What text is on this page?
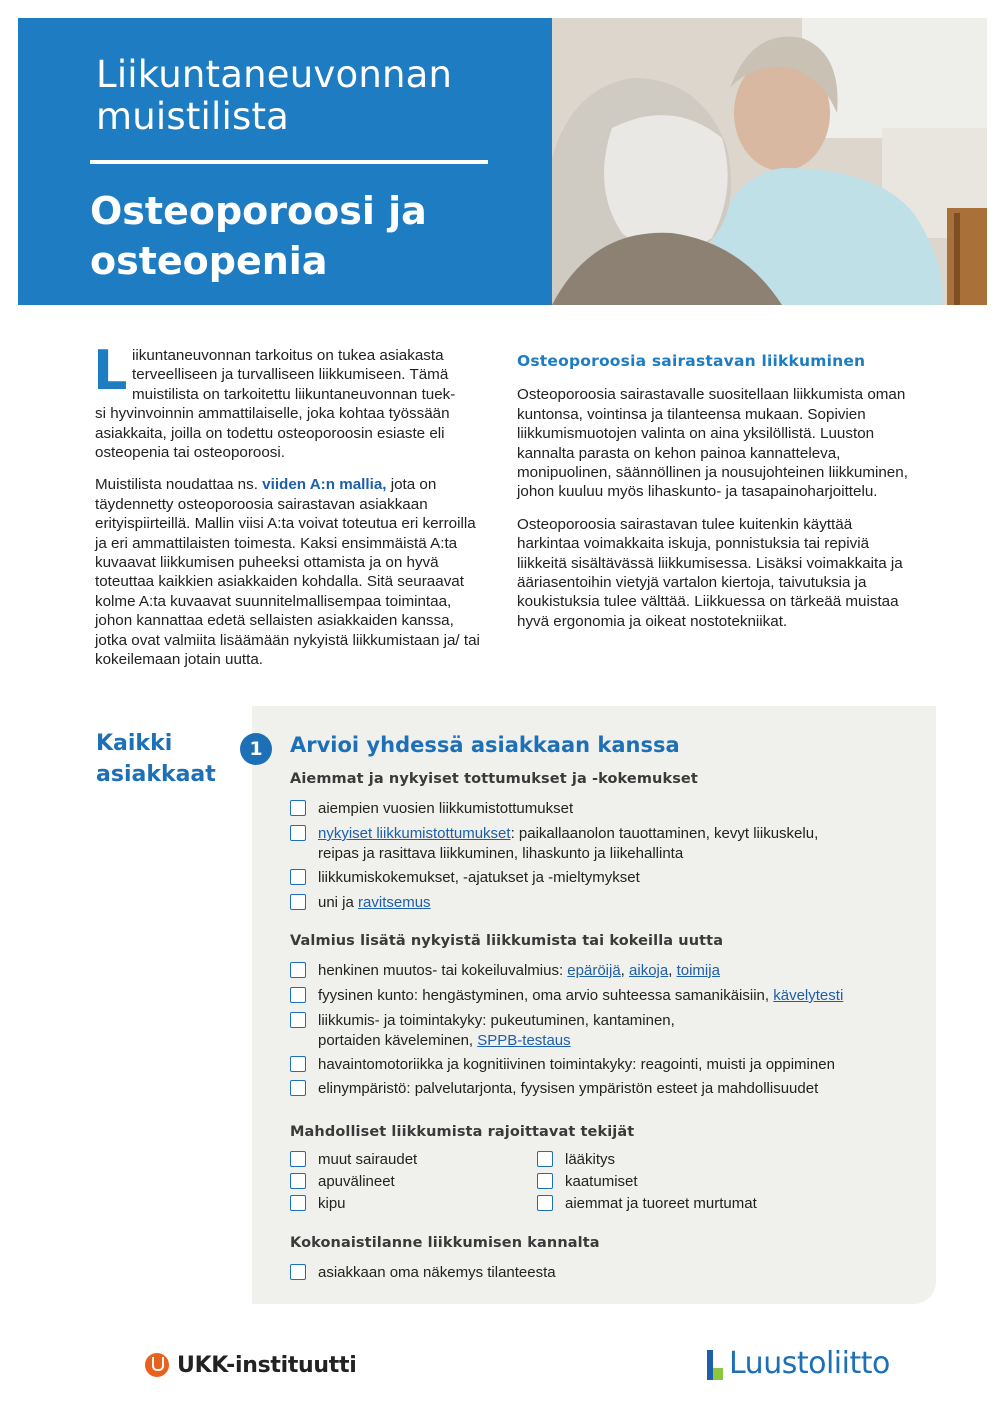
Liikuntaneuvonnan
muistilista
Osteoporoosi ja
osteopenia
L iikuntaneuvonnan tarkoitus on tukea asiakasta
terveelliseen ja turvalliseen liikkumiseen. Tämä
muistilista on tarkoitettu liikuntaneuvonnan tuek-
si hyvinvoinnin ammattilaiselle, joka kohtaa työssään asiakkaita, joilla on todettu osteoporoosin esiaste eli osteopenia tai osteoporoosi.
Muistilista noudattaa ns. viiden A:n mallia, jota on täydennetty osteoporoosia sairastavan asiakkaan erityispiirteillä. Mallin viisi A:ta voivat toteutua eri kerroilla ja eri ammattilaisten toimesta. Kaksi ensimmäistä A:ta kuvaavat liikkumisen puheeksi ottamista ja on hyvä toteuttaa kaikkien asiakkaiden kohdalla. Sitä seuraavat kolme A:ta kuvaavat suunnitelmallisempaa toimintaa, johon kannattaa edetä sellaisten asiakkaiden kanssa, jotka ovat valmiita lisäämään nykyistä liikkumistaan ja/ tai kokeilemaan jotain uutta.
Osteoporoosia sairastavan liikkuminen
Osteoporoosia sairastavalle suositellaan liikkumista oman kuntonsa, vointinsa ja tilanteensa mukaan. Sopivien liikkumismuotojen valinta on aina yksilöllistä. Luuston kannalta parasta on kehon painoa kannatteleva, monipuolinen, säännöllinen ja nousujohteinen liikkuminen, johon kuuluu myös lihaskunto- ja tasapainoharjoittelu.
Osteoporoosia sairastavan tulee kuitenkin käyttää harkintaa voimakkaita iskuja, ponnistuksia tai repiviä liikkeitä sisältävässä liikkumisessa. Lisäksi voimakkaita ja ääriasentoihin vietyjä vartalon kiertoja, taivutuksia ja koukistuksia tulee välttää. Liikkuessa on tärkeää muistaa hyvä ergonomia ja oikeat nostotekniikat.
Kaikki
asiakkaat
1	Arvioi yhdessä asiakkaan kanssa
Aiemmat ja nykyiset tottumukset ja -kokemukset
aiempien vuosien liikkumistottumukset
nykyiset liikkumistottumukset: paikallaanolon tauottaminen, kevyt liikuskelu,
reipas ja rasittava liikkuminen, lihaskunto ja liikehallinta
liikkumiskokemukset, -ajatukset ja -mieltymykset
uni ja ravitsemus
Valmius lisätä nykyistä liikkumista tai kokeilla uutta
henkinen muutos- tai kokeiluvalmius: epäröijä, aikoja, toimija
fyysinen kunto: hengästyminen, oma arvio suhteessa samanikäisiin, kävelytesti
liikkumis- ja toimintakyky: pukeutuminen, kantaminen,
portaiden käveleminen, SPPB-testaus
havaintomotoriikka ja kognitiivinen toimintakyky: reagointi, muisti ja oppiminen
elinympäristö: palvelutarjonta, fyysisen ympäristön esteet ja mahdollisuudet
Mahdolliset liikkumista rajoittavat tekijät
muut sairaudet
apuvälineet
kipu
lääkitys
kaatumiset
aiemmat ja tuoreet murtumat
Kokonaistilanne liikkumisen kannalta
asiakkaan oma näkemys tilanteesta
UKK-instituutti	Luustoliitto
